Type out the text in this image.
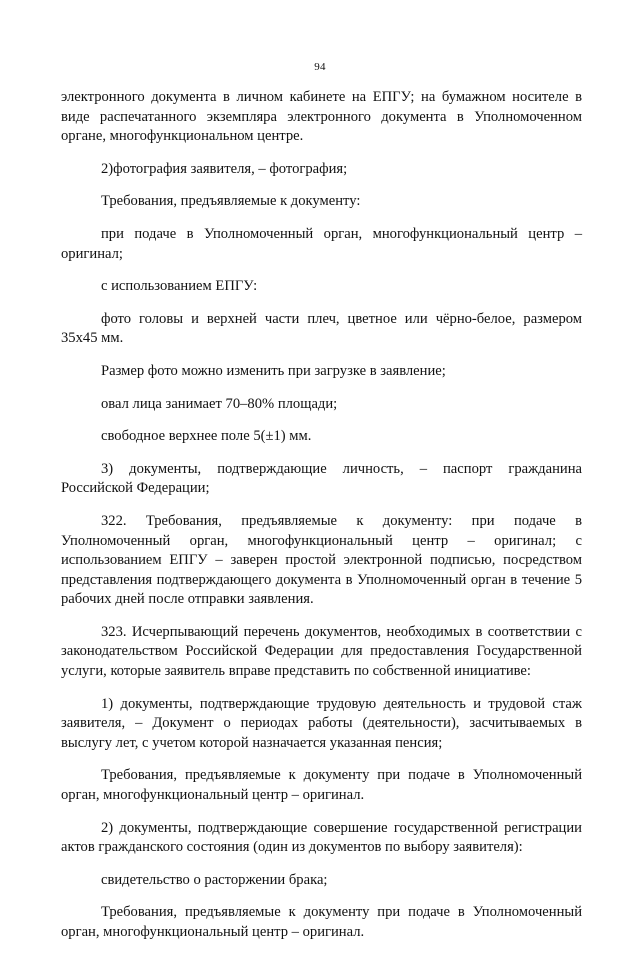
94

электронного документа в личном кабинете на ЕПГУ; на бумажном носителе в виде распечатанного экземпляра электронного документа в Уполномоченном органе, многофункциональном центре.

2)фотография заявителя, – фотография;

Требования, предъявляемые к документу:

при подаче в Уполномоченный орган, многофункциональный центр – оригинал;

с использованием ЕПГУ:

фото головы и верхней части плеч, цветное или чёрно-белое, размером 35x45 мм.

Размер фото можно изменить при загрузке в заявление;

овал лица занимает 70–80% площади;

свободное верхнее поле 5(±1) мм.

3) документы, подтверждающие личность, – паспорт гражданина Российской Федерации;

322. Требования, предъявляемые к документу: при подаче в Уполномоченный орган, многофункциональный центр – оригинал; с использованием ЕПГУ – заверен простой электронной подписью, посредством представления подтверждающего документа в Уполномоченный орган в течение 5 рабочих дней после отправки заявления.

323. Исчерпывающий перечень документов, необходимых в соответствии с законодательством Российской Федерации для предоставления Государственной услуги, которые заявитель вправе представить по собственной инициативе:

1) документы, подтверждающие трудовую деятельность и трудовой стаж заявителя, – Документ о периодах работы (деятельности), засчитываемых в выслугу лет, с учетом которой назначается указанная пенсия;

Требования, предъявляемые к документу при подаче в Уполномоченный орган, многофункциональный центр – оригинал.

2) документы, подтверждающие совершение государственной регистрации актов гражданского состояния (один из документов по выбору заявителя):

свидетельство о расторжении брака;

Требования, предъявляемые к документу при подаче в Уполномоченный орган, многофункциональный центр – оригинал.
